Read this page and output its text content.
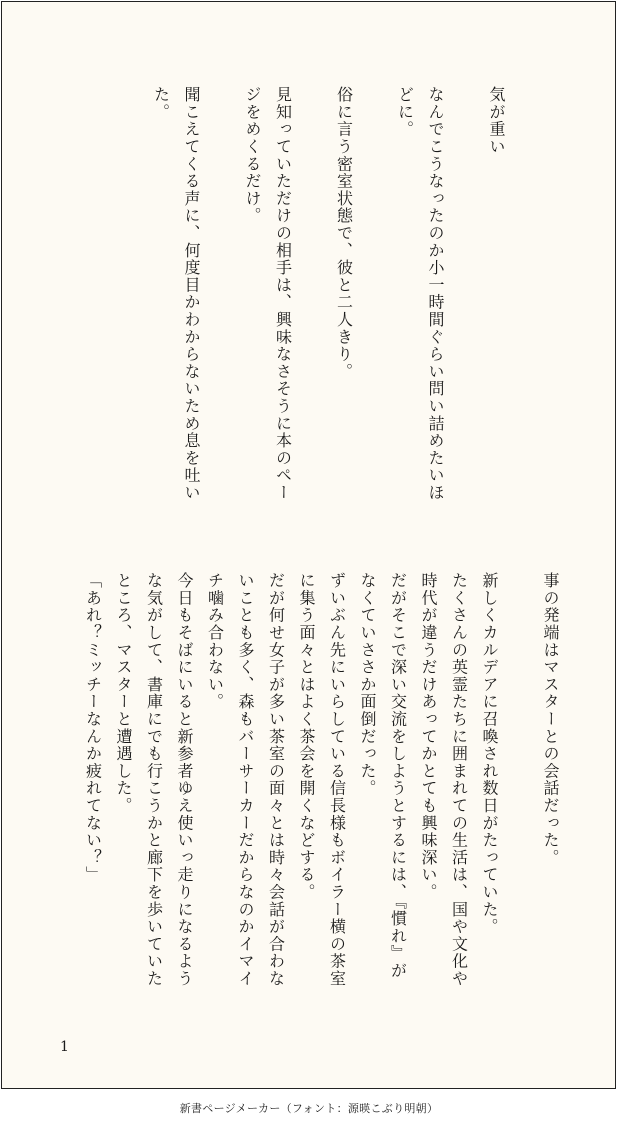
気が重い

なんでこうなったのか小一時間ぐらい問い詰めたいほどに。

俗に言う密室状態で、彼と二人きり。

見知っていただけの相手は、興味なさそうに本のページをめくるだけ。

聞こえてくる声に、何度目かわからないため息を吐いた。

事の発端はマスターとの会話だった。

新しくカルデアに召喚され数日がたっていた。
たくさんの英霊たちに囲まれての生活は、国や文化や時代が違うだけあってかとても興味深い。
だがそこで深い交流をしようとするには、『慣れ』がなくていささか面倒だった。
ずいぶん先にいらしている信長様もボイラー横の茶室に集う面々とはよく茶会を開くなどする。
だが何せ女子が多い茶室の面々とは時々会話が合わないことも多く、森もバーサーカーだからなのかイマイチ噛み合わない。
今日もそばにいると新参者ゆえ使いっ走りになるような気がして、書庫にでも行こうかと廊下を歩いていたところ、マスターと遭遇した。
「あれ？ミッチーなんか疲れてない？」

1
新書ページメーカー（フォント：源暎こぶり明朝）
